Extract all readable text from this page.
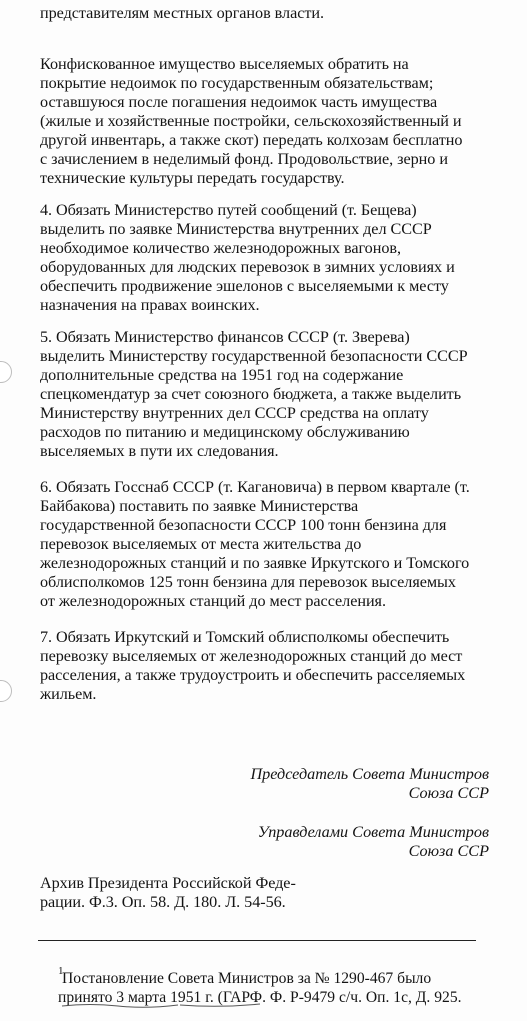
представителям местных органов власти.
Конфискованное имущество выселяемых обратить на
покрытие недоимок по государственным обязательствам;
оставшуюся после погашения недоимок часть имущества
(жилые и хозяйственные постройки, сельскохозяйственный и
другой инвентарь, а также скот) передать колхозам бесплатно
с зачислением в неделимый фонд. Продовольствие, зерно и
технические культуры передать государству.
4. Обязать Министерство путей сообщений (т. Бещева)
выделить по заявке Министерства внутренних дел СССР
необходимое количество железнодорожных вагонов,
оборудованных для людских перевозок в зимних условиях и
обеспечить продвижение эшелонов с выселяемыми к месту
назначения на правах воинских.
5. Обязать Министерство финансов СССР (т. Зверева)
выделить Министерству государственной безопасности СССР
дополнительные средства на 1951 год на содержание
спецкомендатур за счет союзного бюджета, а также выделить
Министерству внутренних дел СССР средства на оплату
расходов по питанию и медицинскому обслуживанию
выселяемых в пути их следования.
6. Обязать Госснаб СССР (т. Кагановича) в первом квартале (т.
Байбакова) поставить по заявке Министерства
государственной безопасности СССР 100 тонн бензина для
перевозок выселяемых от места жительства до
железнодорожных станций и по заявке Иркутского и Томского
облисполкомов 125 тонн бензина для перевозок выселяемых
от железнодорожных станций до мест расселения.
7. Обязать Иркутский и Томский облисполкомы обеспечить
перевозку выселяемых от железнодорожных станций до мест
расселения, а также трудоустроить и обеспечить расселяемых
жильем.
Председатель Совета Министров
Союза ССР
Управделами Совета Министров
Союза ССР
Архив Президента Российской Феде-
рации. Ф.3. Оп. 58. Д. 180. Л. 54-56.
1
Постановление Совета Министров за № 1290-467 было
принято 3 марта 1951 г. (ГАРФ. Ф. Р-9479 с/ч. Оп. 1с, Д. 925.
